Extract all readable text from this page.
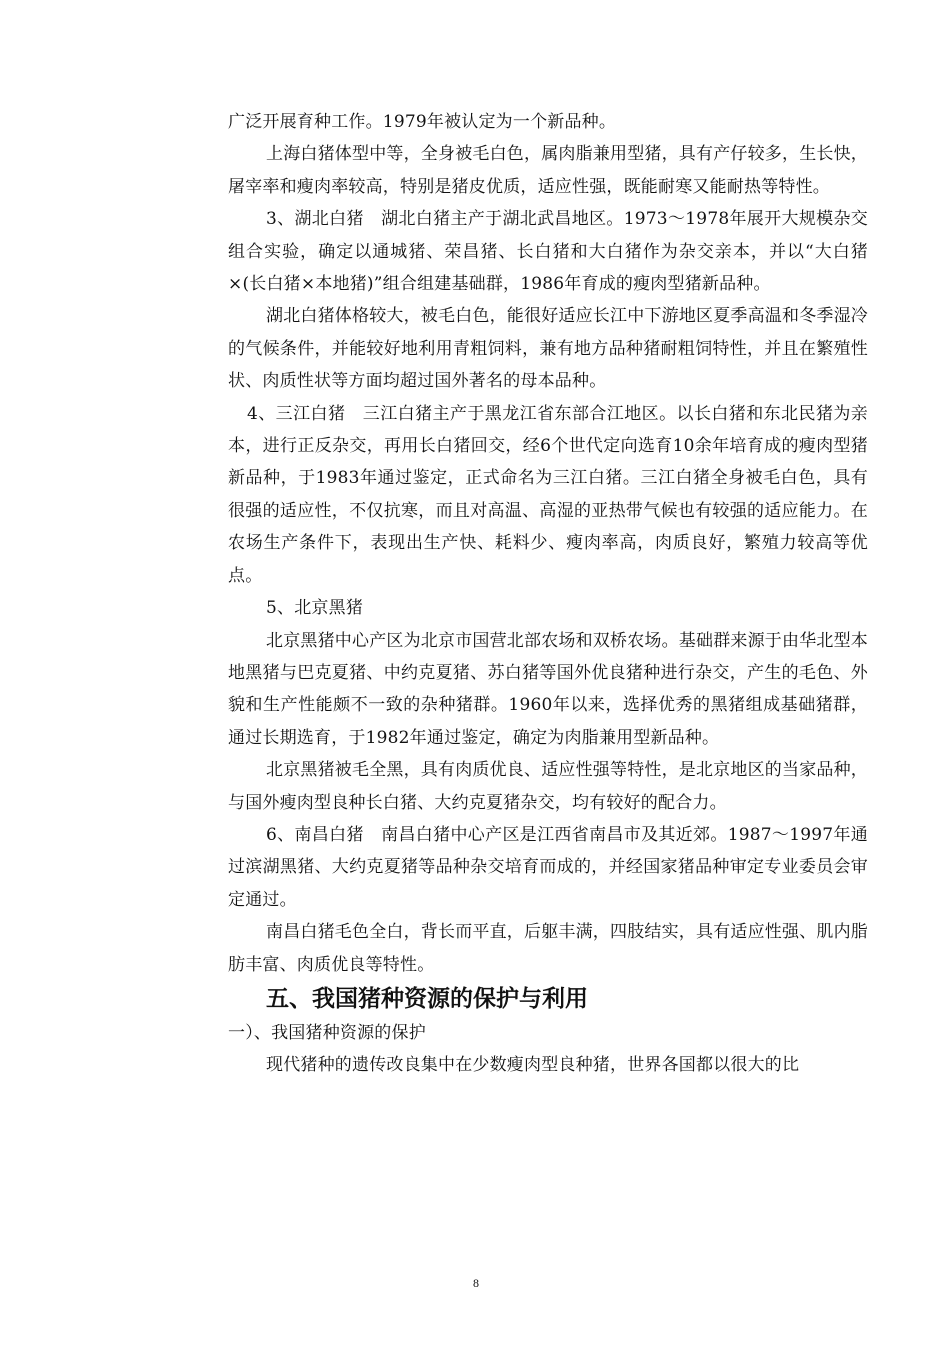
广泛开展育种工作。1979年被认定为一个新品种。

上海白猪体型中等，全身被毛白色，属肉脂兼用型猪，具有产仔较多，生长快，屠宰率和瘦肉率较高，特别是猪皮优质，适应性强，既能耐寒又能耐热等特性。

3、湖北白猪　湖北白猪主产于湖北武昌地区。1973～1978年展开大规模杂交组合实验，确定以通城猪、荣昌猪、长白猪和大白猪作为杂交亲本，并以“大白猪×(长白猪×本地猪)”组合组建基础群，1986年育成的瘦肉型猪新品种。

湖北白猪体格较大，被毛白色，能很好适应长江中下游地区夏季高温和冬季湿冷的气候条件，并能较好地利用青粗饲料，兼有地方品种猪耐粗饲特性，并且在繁殖性状、肉质性状等方面均超过国外著名的母本品种。

4、三江白猪　三江白猪主产于黑龙江省东部合江地区。以长白猪和东北民猪为亲本，进行正反杂交，再用长白猪回交，经6个世代定向选育10余年培育成的瘦肉型猪新品种，于1983年通过鉴定，正式命名为三江白猪。三江白猪全身被毛白色，具有很强的适应性，不仅抗寒，而且对高温、高湿的亚热带气候也有较强的适应能力。在农场生产条件下，表现出生产快、耗料少、瘦肉率高，肉质良好，繁殖力较高等优点。

5、北京黑猪

北京黑猪中心产区为北京市国营北部农场和双桥农场。基础群来源于由华北型本地黑猪与巴克夏猪、中约克夏猪、苏白猪等国外优良猪种进行杂交，产生的毛色、外貌和生产性能颇不一致的杂种猪群。1960年以来，选择优秀的黑猪组成基础猪群，通过长期选育，于1982年通过鉴定，确定为肉脂兼用型新品种。

北京黑猪被毛全黑，具有肉质优良、适应性强等特性，是北京地区的当家品种，与国外瘦肉型良种长白猪、大约克夏猪杂交，均有较好的配合力。

6、南昌白猪　南昌白猪中心产区是江西省南昌市及其近郊。1987～1997年通过滨湖黑猪、大约克夏猪等品种杂交培育而成的，并经国家猪品种审定专业委员会审定通过。

南昌白猪毛色全白，背长而平直，后躯丰满，四肢结实，具有适应性强、肌内脂肪丰富、肉质优良等特性。

五、我国猪种资源的保护与利用

一）、我国猪种资源的保护

现代猪种的遗传改良集中在少数瘦肉型良种猪，世界各国都以很大的比

8
